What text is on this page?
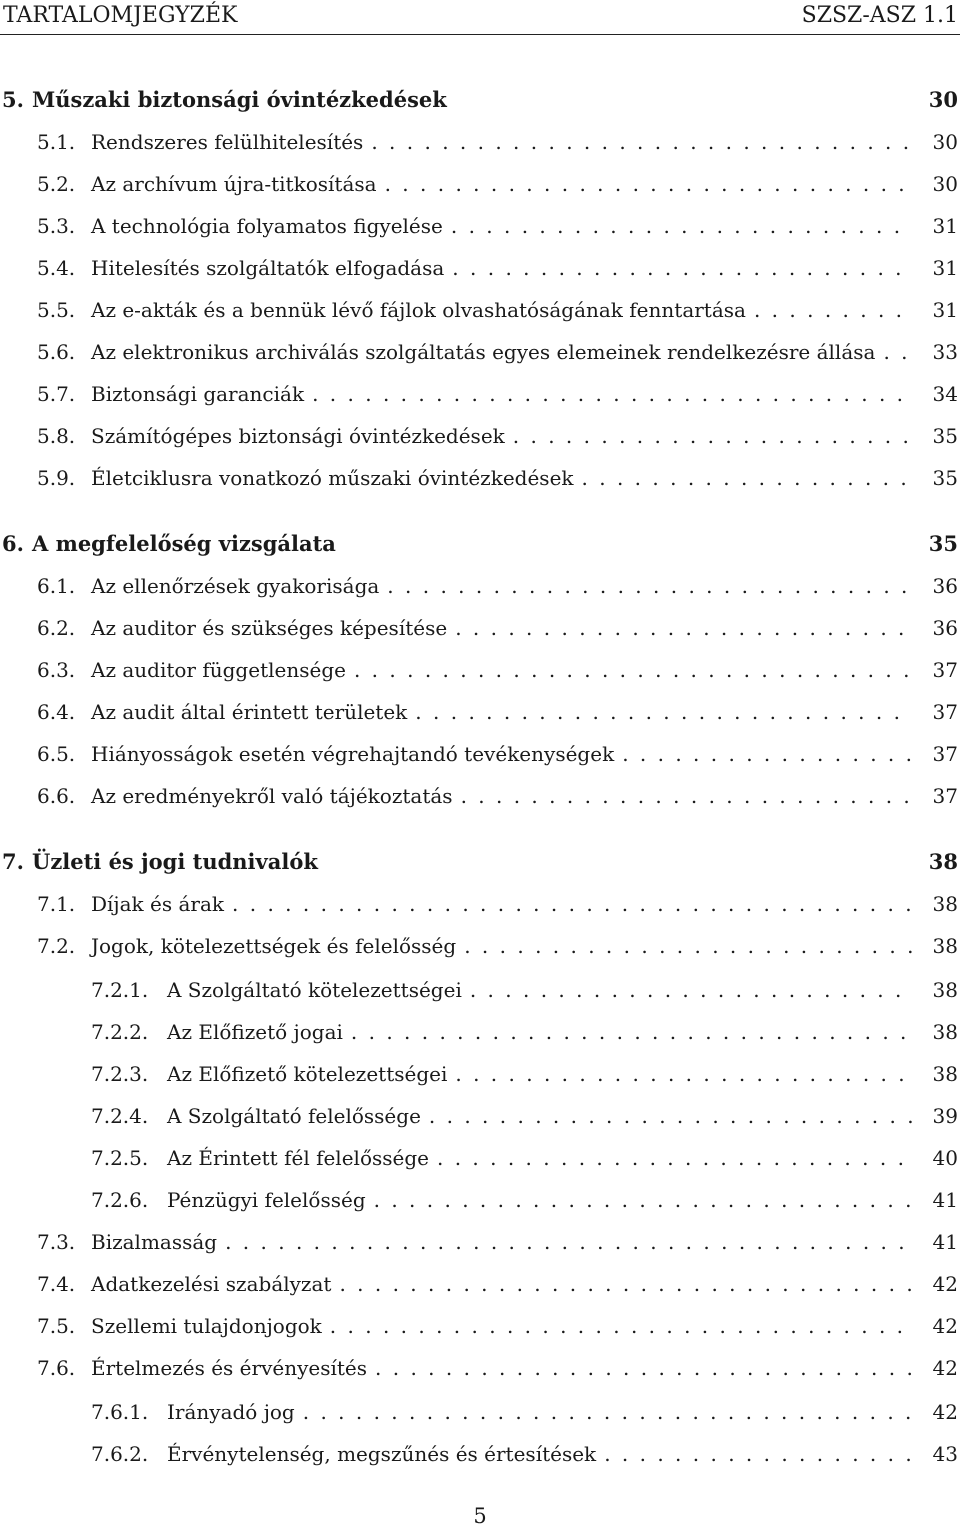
TARTALOMJEGYZÉK	SZSZ-ASZ 1.1
5. Műszaki biztonsági óvintézkedések	30
5.1. Rendszeres felülhitelesítés . . .	30
5.2. Az archívum újra-titkosítása . . .	30
5.3. A technológia folyamatos figyelése . . .	31
5.4. Hitelesítés szolgáltatók elfogadása . . .	31
5.5. Az e-akták és a bennük lévő fájlok olvashatóságának fenntartása . . .	31
5.6. Az elektronikus archiválás szolgáltatás egyes elemeinek rendelkezésre állása . . .	33
5.7. Biztonsági garanciák . . .	34
5.8. Számítógépes biztonsági óvintézkedések . . .	35
5.9. Életciklusra vonatkozó műszaki óvintézkedések . . .	35
6. A megfelelőség vizsgálata	35
6.1. Az ellenőrzések gyakorisága . . .	36
6.2. Az auditor és szükséges képesítése . . .	36
6.3. Az auditor függetlensége . . .	37
6.4. Az audit által érintett területek . . .	37
6.5. Hiányosságok esetén végrehajtandó tevékenységek . . .	37
6.6. Az eredményekről való tájékoztatás . . .	37
7. Üzleti és jogi tudnivalók	38
7.1. Díjak és árak . . .	38
7.2. Jogok, kötelezettségek és felelősség . . .	38
7.2.1. A Szolgáltató kötelezettségei . . .	38
7.2.2. Az Előfizető jogai . . .	38
7.2.3. Az Előfizető kötelezettségei . . .	38
7.2.4. A Szolgáltató felelőssége . . .	39
7.2.5. Az Érintett fél felelőssége . . .	40
7.2.6. Pénzügyi felelősség . . .	41
7.3. Bizalmasság . . .	41
7.4. Adatkezelési szabályzat . . .	42
7.5. Szellemi tulajdonjogok . . .	42
7.6. Értelmezés és érvényesítés . . .	42
7.6.1. Irányadó jog . . .	42
7.6.2. Érvénytelenség, megszűnés és értesítések . . .	43
5
